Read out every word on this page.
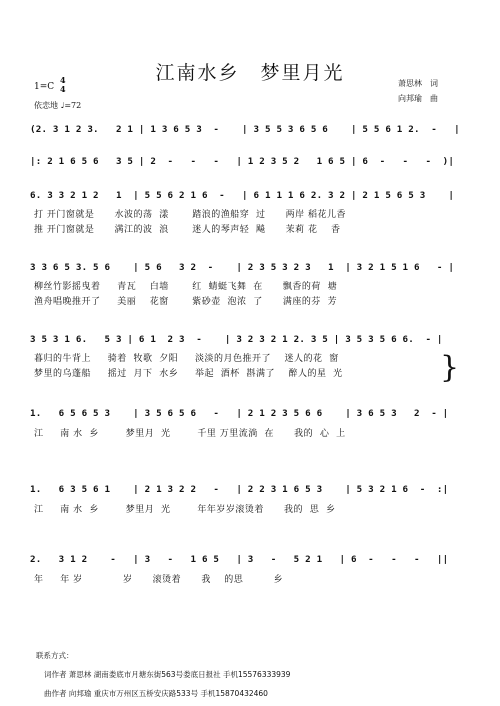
江南水乡　梦里月光	萧思林　词
向邦瑜　曲
1=C
4
4
依恋地 ♩=72
(2. 3 1 2 3.   2 1 | 1 3 6 5 3  -    | 3 5 5 3 6 5 6    | 5 5 6 1 2.  -   |
|: 2 1 6 5 6   3 5 | 2  -   -   -   | 1 2 3 5 2   1 6 5 | 6  -   -   -  )|
6. 3 3 2 1 2   1  | 5 5 6 2 1 6  -   | 6 1 1 1 6 2. 3 2 | 2 1 5 6 5 3    |
打 开门窗就是      水波的荡  漾       踏浪的渔船穿  过      两岸 稻花儿香
推 开门窗就是      满江的波  浪       迷人的琴声轻  飚      茉莉 花    香
3 3 6 5 3. 5 6    | 5 6   3 2  -    | 2 3 5 3 2 3   1  | 3 2 1 5 1 6   - |
柳丝竹影摇曳着     青瓦    白墙       红  蜻蜓飞舞  在      飘香的荷  塘
渔舟唱晚推开了     美丽    花窗       紫砂壶  泡浓  了      满座的芬  芳
3 5 3 1 6.   5 3 | 6 1  2 3  -    | 3 2 3 2 1 2. 3 5 | 3 5 3 5 6 6.  - |
暮归的牛背上     骑着  牧歌  夕阳     淡淡的月色推开了    迷人的花  窗
梦里的乌蓬船     摇过  月下  水乡     举起  酒杯  斟满了    醉人的星  光	}
1.   6 5 6 5 3    | 3 5 6 5 6   -   | 2 1 2 3 5 6 6    | 3 6 5 3   2  - |
江     南 水  乡        梦里月  光        千里 万里流淌  在      我的  心  上
1.   6 3 5 6 1    | 2 1 3 2 2   -   | 2 2 3 1 6 5 3    | 5 3 2 1 6  -  :|
江     南 水  乡        梦里月  光        年年岁岁滚烫着      我的  思  乡
2.   3 1 2    -   | 3   -   1 6 5   | 3   -   5 2 1   | 6  -   -   -   ||
年     年 岁            岁      滚烫着      我    的思         乡
联系方式：
词作者 萧思林 湖南娄底市月塘东街563号娄底日报社 手机15576333939
曲作者 向邦瑜 重庆市万州区五桥安庆路533号 手机15870432460
